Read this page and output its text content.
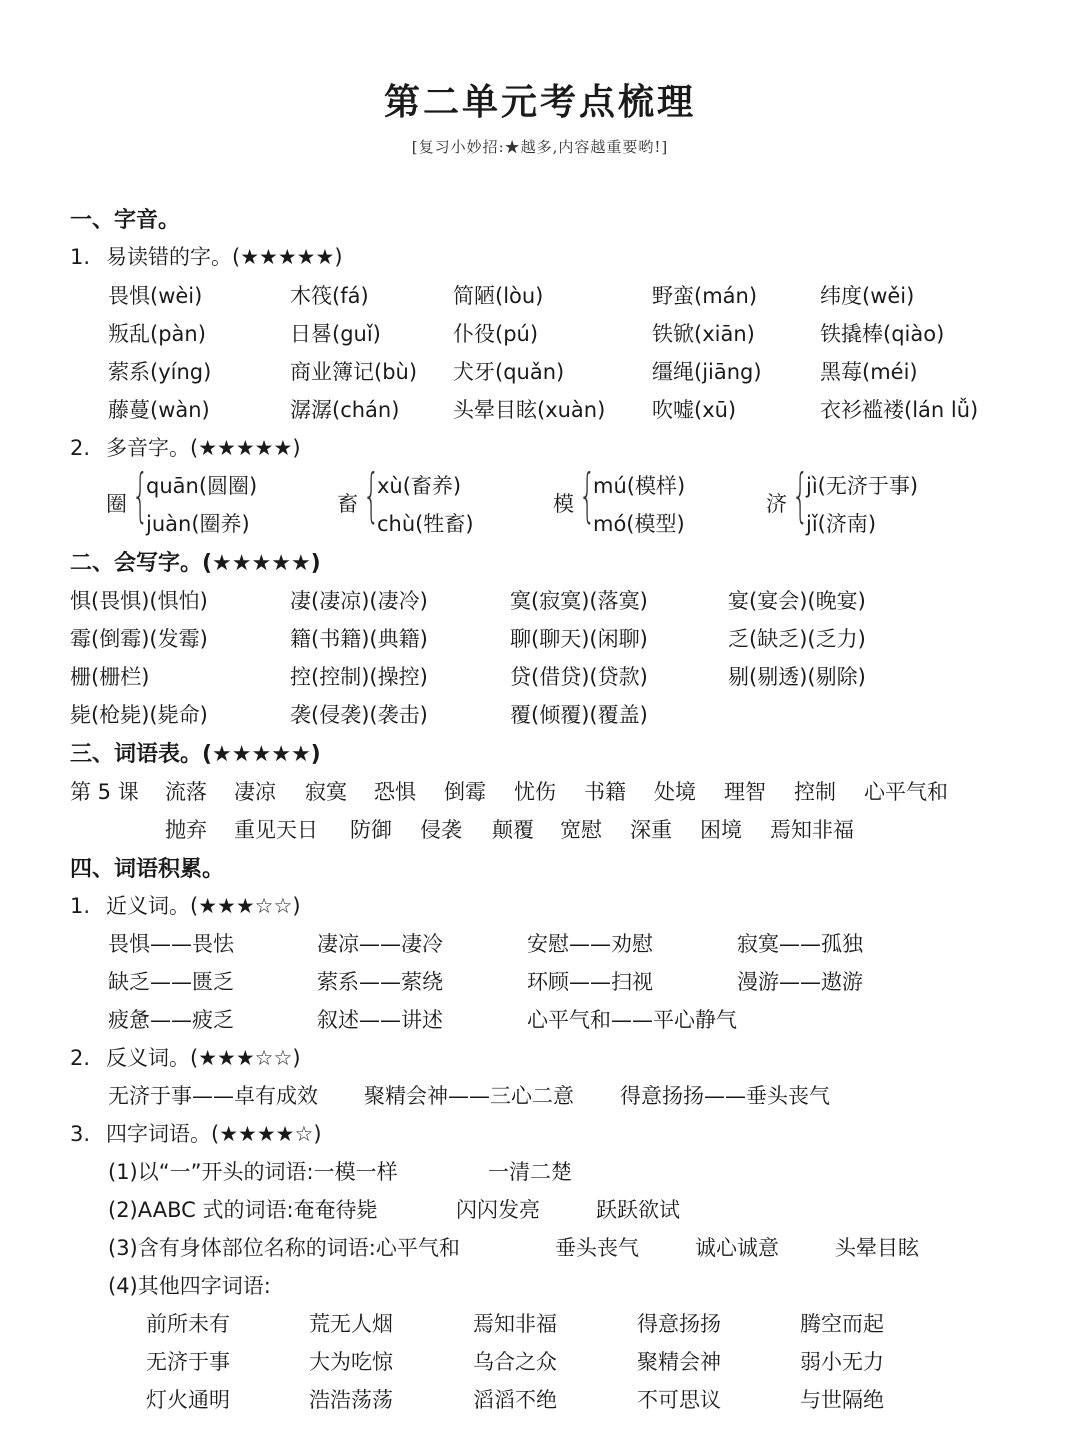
第二单元考点梳理
[复习小妙招:★越多,内容越重要哟!]
一、字音。
1. 易读错的字。(★★★★★)
畏惧(wèi)	木筏(fá)	简陋(lòu)	野蛮(mán)	纬度(wěi)
叛乱(pàn)	日晷(guǐ)	仆役(pú)	铁锨(xiān)	铁撬棒(qiào)
萦系(yíng)	商业簿记(bù) 犬牙(quǎn)	缰绳(jiāng)	黑莓(méi)
藤蔓(wàn)	潺潺(chán)	头晕目眩(xuàn) 吹嘘(xū)	衣衫褴褛(lán lǚ)
2. 多音字。(★★★★★)
圈 {
quān(圆圈)
juàn(圈养)
畜 {
xù(畜养)
chù(牲畜)
模 {
mú(模样)
mó(模型)
济 {
jì(无济于事)
jǐ(济南)
二、会写字。(★★★★★)
惧(畏惧)(惧怕)	凄(凄凉)(凄冷)	寞(寂寞)(落寞)	宴(宴会)(晚宴)
霉(倒霉)(发霉)	籍(书籍)(典籍)	聊(聊天)(闲聊)	乏(缺乏)(乏力)
栅(栅栏)	控(控制)(操控)	贷(借贷)(贷款)	剔(剔透)(剔除)
毙(枪毙)(毙命)	袭(侵袭)(袭击)	覆(倾覆)(覆盖)
三、词语表。(★★★★★)
第 5 课 流落 凄凉 寂寞 恐惧 倒霉 忧伤 书籍 处境 理智 控制 心平气和
抛弃 重见天日 防御 侵袭 颠覆 宽慰 深重 困境 焉知非福
四、词语积累。
1. 近义词。(★★★☆☆)
畏惧——畏怯	凄凉——凄冷	安慰——劝慰	寂寞——孤独
缺乏——匮乏	萦系——萦绕	环顾——扫视	漫游——遨游
疲惫——疲乏	叙述——讲述	心平气和——平心静气
2. 反义词。(★★★☆☆)
无济于事——卓有成效 聚精会神——三心二意 得意扬扬——垂头丧气
3. 四字词语。(★★★★☆)
(1)以“一”开头的词语:一模一样	一清二楚
(2)AABC 式的词语:奄奄待毙	闪闪发亮	跃跃欲试
(3)含有身体部位名称的词语:心平气和	垂头丧气	诚心诚意	头晕目眩
(4)其他四字词语:
前所未有	荒无人烟	焉知非福	得意扬扬	腾空而起
无济于事	大为吃惊	乌合之众	聚精会神	弱小无力
灯火通明	浩浩荡荡	滔滔不绝	不可思议	与世隔绝
